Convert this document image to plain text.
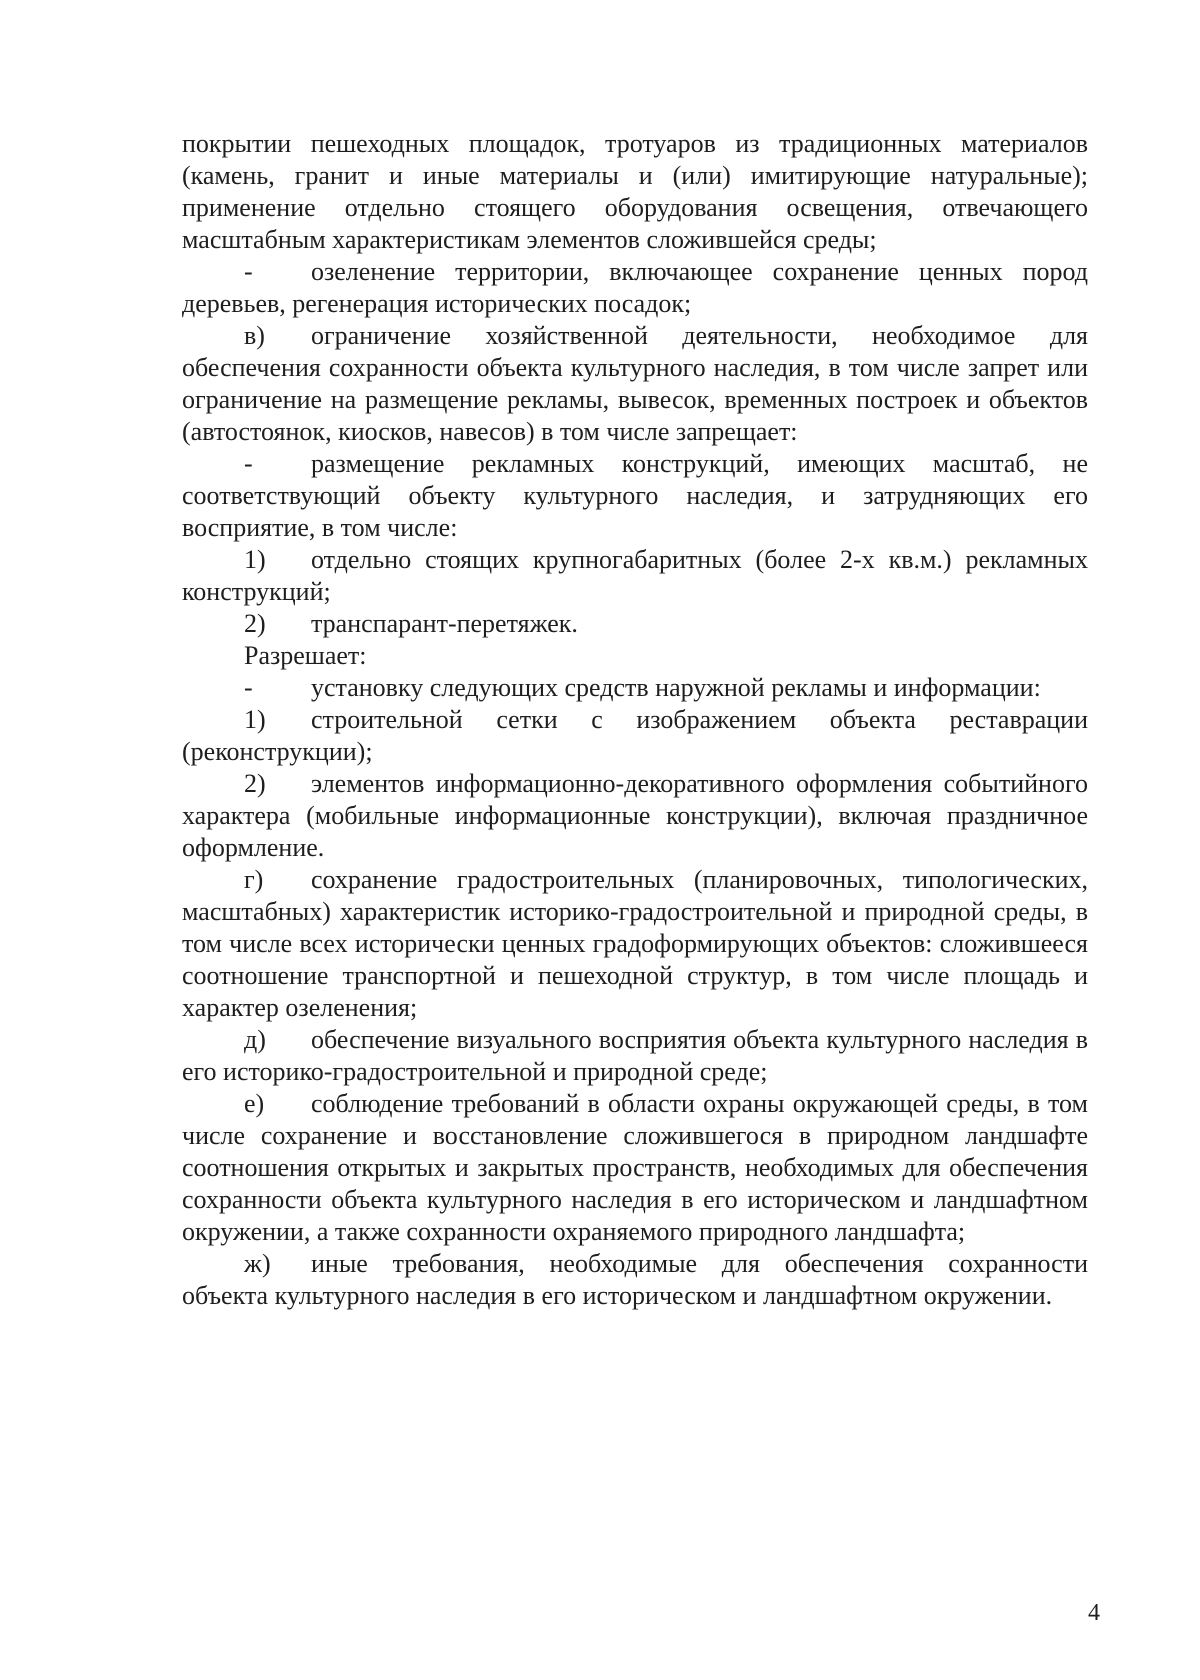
покрытии пешеходных площадок, тротуаров из традиционных материалов (камень, гранит и иные материалы и (или) имитирующие натуральные); применение отдельно стоящего оборудования освещения, отвечающего масштабным характеристикам элементов сложившейся среды;

- озеленение территории, включающее сохранение ценных пород деревьев, регенерация исторических посадок;

в) ограничение хозяйственной деятельности, необходимое для обеспечения сохранности объекта культурного наследия, в том числе запрет или ограничение на размещение рекламы, вывесок, временных построек и объектов (автостоянок, киосков, навесов) в том числе запрещает:

- размещение рекламных конструкций, имеющих масштаб, не соответствующий объекту культурного наследия, и затрудняющих его восприятие, в том числе:

1) отдельно стоящих крупногабаритных (более 2-х кв.м.) рекламных конструкций;

2) транспарант-перетяжек.

Разрешает:

- установку следующих средств наружной рекламы и информации:

1) строительной сетки с изображением объекта реставрации (реконструкции);

2) элементов информационно-декоративного оформления событийного характера (мобильные информационные конструкции), включая праздничное оформление.

г) сохранение градостроительных (планировочных, типологических, масштабных) характеристик историко-градостроительной и природной среды, в том числе всех исторически ценных градоформирующих объектов: сложившееся соотношение транспортной и пешеходной структур, в том числе площадь и характер озеленения;

д) обеспечение визуального восприятия объекта культурного наследия в его историко-градостроительной и природной среде;

е) соблюдение требований в области охраны окружающей среды, в том числе сохранение и восстановление сложившегося в природном ландшафте соотношения открытых и закрытых пространств, необходимых для обеспечения сохранности объекта культурного наследия в его историческом и ландшафтном окружении, а также сохранности охраняемого природного ландшафта;

ж) иные требования, необходимые для обеспечения сохранности объекта культурного наследия в его историческом и ландшафтном окружении.

4
